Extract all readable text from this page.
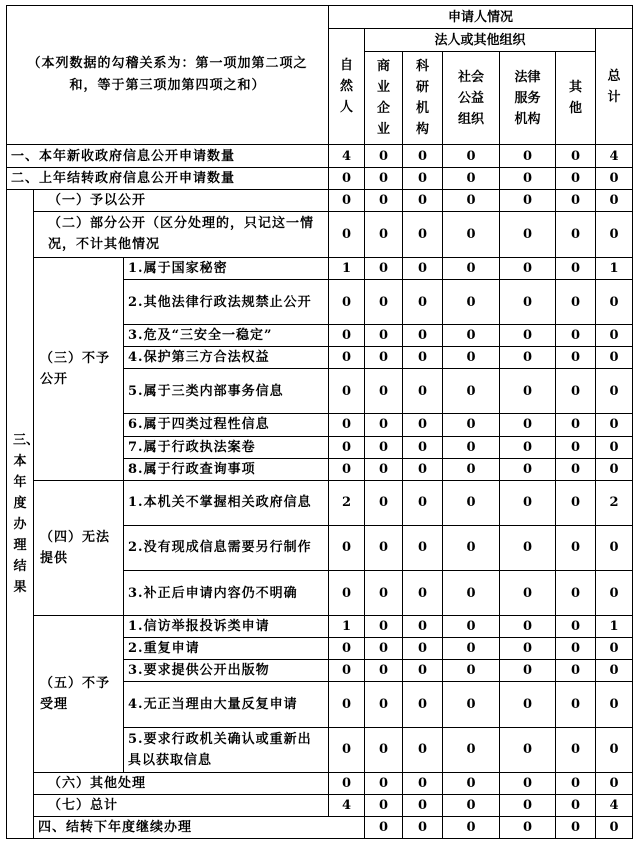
（本列数据的勾稽关系为：第一项加第二项之和，等于第三项加第四项之和）			申请人情况							

			自然人	法人或其他组织					总计	

				商业企业	科研机构	社会公益组织	法律服务机构	其他		

一、本年新收政府信息公开申请数量			4	0	0	0	0	0	4	
二、上年结转政府信息公开申请数量			0	0	0	0	0	0	0	

三、本年度办理结果	（一）予以公开		0	0	0	0	0	0	0	
	（二）部分公开（区分处理的，只记这一情况，不计其他情况		0	0	0	0	0	0	0	
	（三）不予公开	1.属于国家秘密	1	0	0	0	0	0	1	
		2.其他法律行政法规禁止公开	0	0	0	0	0	0	0	
		3.危及“三安全一稳定”	0	0	0	0	0	0	0	
		4.保护第三方合法权益	0	0	0	0	0	0	0	
		5.属于三类内部事务信息	0	0	0	0	0	0	0	
		6.属于四类过程性信息	0	0	0	0	0	0	0	
		7.属于行政执法案卷	0	0	0	0	0	0	0	
		8.属于行政查询事项	0	0	0	0	0	0	0	
	（四）无法提供	1.本机关不掌握相关政府信息	2	0	0	0	0	0	2	
		2.没有现成信息需要另行制作	0	0	0	0	0	0	0	
		3.补正后申请内容仍不明确	0	0	0	0	0	0	0	
	（五）不予受理	1.信访举报投诉类申请	1	0	0	0	0	0	1	
		2.重复申请	0	0	0	0	0	0	0	
		3.要求提供公开出版物	0	0	0	0	0	0	0	
		4.无正当理由大量反复申请	0	0	0	0	0	0	0	
		5.要求行政机关确认或重新出具以获取信息	0	0	0	0	0	0	0	
	（六）其他处理		0	0	0	0	0	0	0	
	（七）总计		4	0	0	0	0	0	4	
	四、结转下年度继续办理			0	0	0	0	0	0	
